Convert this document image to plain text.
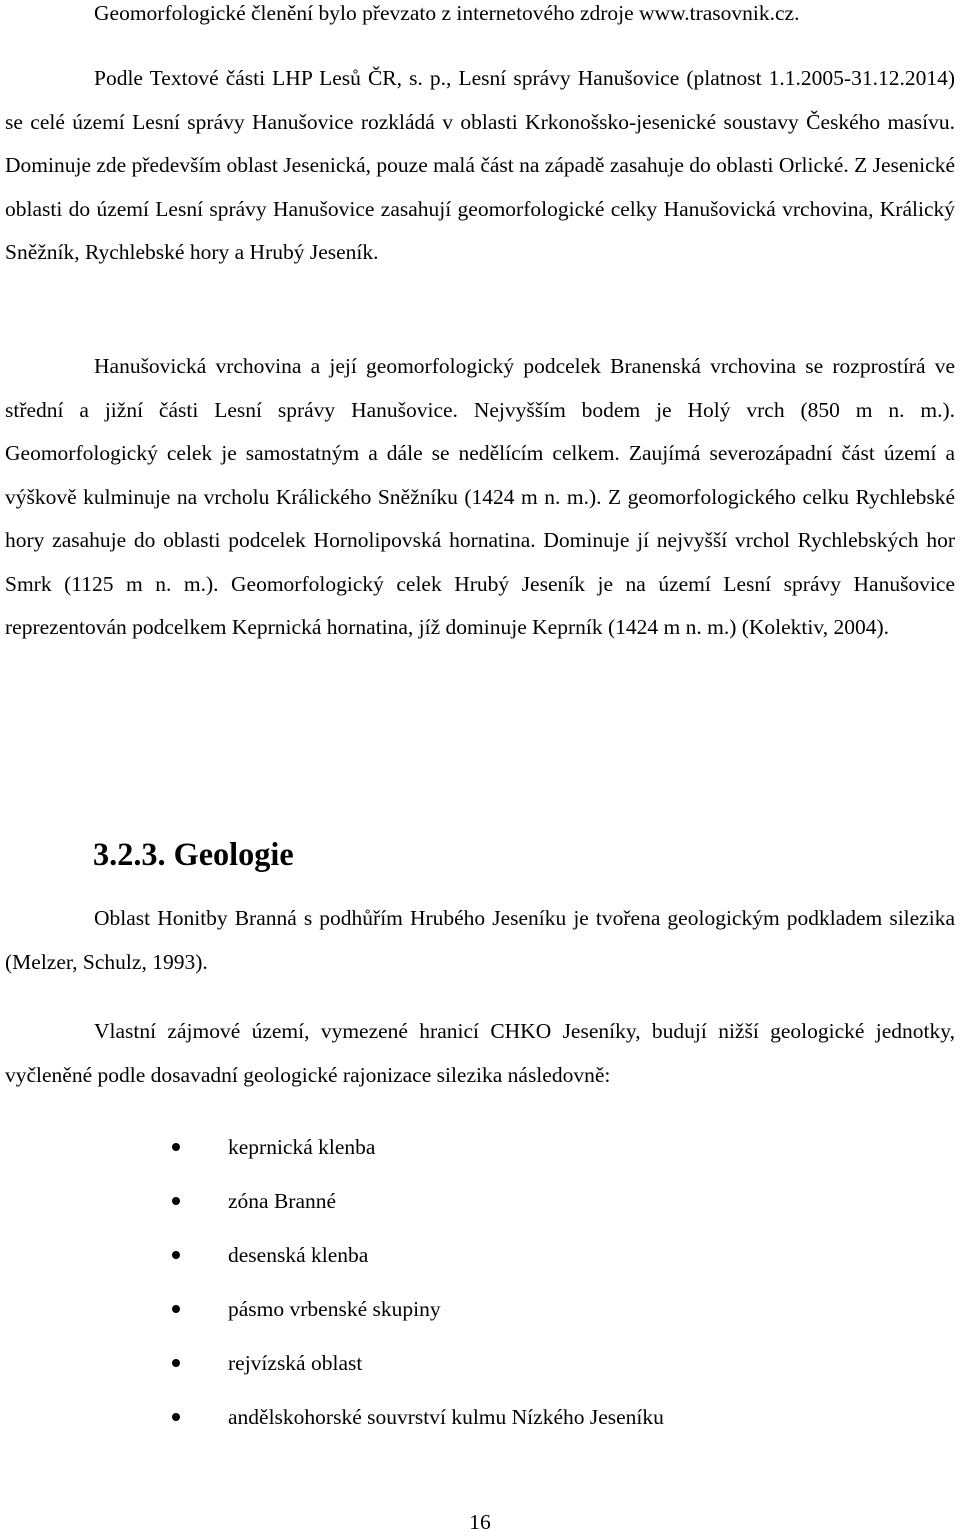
Geomorfologické členění bylo převzato z internetového zdroje www.trasovnik.cz.

Podle Textové části LHP Lesů ČR, s. p., Lesní správy Hanušovice (platnost 1.1.2005-31.12.2014) se celé území Lesní správy Hanušovice rozkládá v oblasti Krkonošsko-jesenické soustavy Českého masívu. Dominuje zde především oblast Jesenická, pouze malá část na západě zasahuje do oblasti Orlické. Z Jesenické oblasti do území Lesní správy Hanušovice zasahují geomorfologické celky Hanušovická vrchovina, Králický Sněžník, Rychlebské hory a Hrubý Jeseník.

Hanušovická vrchovina a její geomorfologický podcelek Branenská vrchovina se rozprostírá ve střední a jižní části Lesní správy Hanušovice. Nejvyšším bodem je Holý vrch (850 m n. m.). Geomorfologický celek je samostatným a dále se nedělícím celkem. Zaujímá severozápadní část území a výškově kulminuje na vrcholu Králického Sněžníku (1424 m n. m.). Z geomorfologického celku Rychlebské hory zasahuje do oblasti podcelek Hornolipovská hornatina. Dominuje jí nejvyšší vrchol Rychlebských hor Smrk (1125 m n. m.). Geomorfologický celek Hrubý Jeseník je na území Lesní správy Hanušovice reprezentován podcelkem Keprnická hornatina, jíž dominuje Keprník (1424 m n. m.) (Kolektiv, 2004).

3.2.3. Geologie

Oblast Honitby Branná s podhůřím Hrubého Jeseníku je tvořena geologickým podkladem silezika (Melzer, Schulz, 1993).

Vlastní zájmové území, vymezené hranicí CHKO Jeseníky, budují nižší geologické jednotky, vyčleněné podle dosavadní geologické rajonizace silezika následovně:

keprnická klenba
zóna Branné
desenská klenba
pásmo vrbenské skupiny
rejvízská oblast
andělskohorské souvrství kulmu Nízkého Jeseníku
16
